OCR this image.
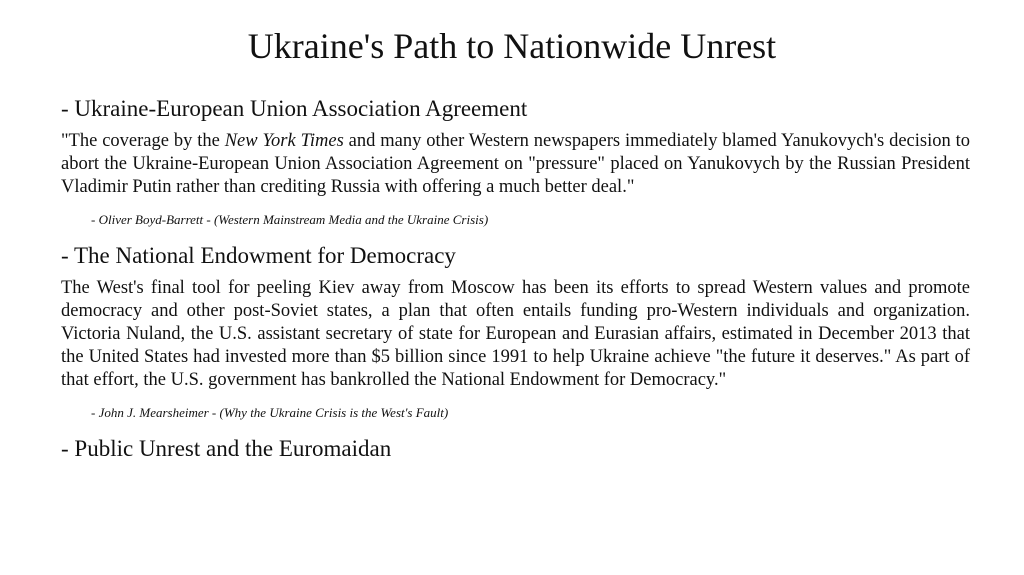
Ukraine's Path to Nationwide Unrest
- Ukraine-European Union Association Agreement

"The coverage by the New York Times and many other Western newspapers immediately blamed Yanukovych's decision to abort the Ukraine-European Union Association Agreement on "pressure" placed on Yanukovych by the Russian President Vladimir Putin rather than crediting Russia with offering a much better deal."

- Oliver Boyd-Barrett - (Western Mainstream Media and the Ukraine Crisis)

- The National Endowment for Democracy

The West's final tool for peeling Kiev away from Moscow has been its efforts to spread Western values and promote democracy and other post-Soviet states, a plan that often entails funding pro-Western individuals and organization. Victoria Nuland, the U.S. assistant secretary of state for European and Eurasian affairs, estimated in December 2013 that the United States had invested more than $5 billion since 1991 to help Ukraine achieve "the future it deserves." As part of that effort, the U.S. government has bankrolled the National Endowment for Democracy."

- John J. Mearsheimer - (Why the Ukraine Crisis is the West's Fault)

- Public Unrest and the Euromaidan
